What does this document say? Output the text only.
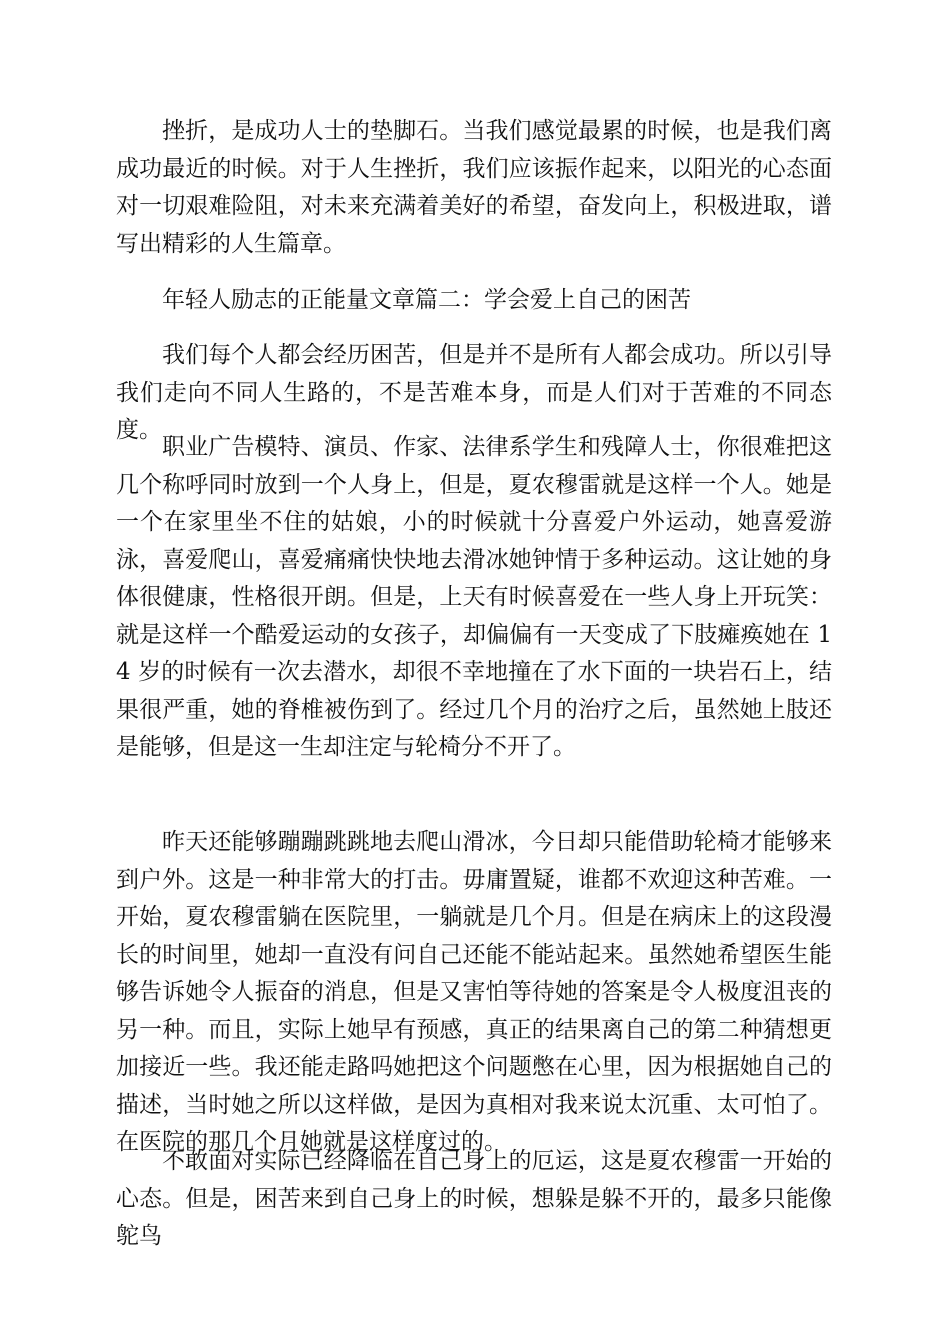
挫折，是成功人士的垫脚石。当我们感觉最累的时候，也是我们离成功最近的时候。对于人生挫折，我们应该振作起来，以阳光的心态面对一切艰难险阻，对未来充满着美好的希望，奋发向上，积极进取，谱写出精彩的人生篇章。

年轻人励志的正能量文章篇二：学会爱上自己的困苦

我们每个人都会经历困苦，但是并不是所有人都会成功。所以引导我们走向不同人生路的，不是苦难本身，而是人们对于苦难的不同态度。

职业广告模特、演员、作家、法律系学生和残障人士，你很难把这几个称呼同时放到一个人身上，但是，夏农穆雷就是这样一个人。她是一个在家里坐不住的姑娘，小的时候就十分喜爱户外运动，她喜爱游泳，喜爱爬山，喜爱痛痛快快地去滑冰她钟情于多种运动。这让她的身体很健康，性格很开朗。但是，上天有时候喜爱在一些人身上开玩笑：就是这样一个酷爱运动的女孩子，却偏偏有一天变成了下肢瘫痪她在 14 岁的时候有一次去潜水，却很不幸地撞在了水下面的一块岩石上，结果很严重，她的脊椎被伤到了。经过几个月的治疗之后，虽然她上肢还是能够，但是这一生却注定与轮椅分不开了。

昨天还能够蹦蹦跳跳地去爬山滑冰，今日却只能借助轮椅才能够来到户外。这是一种非常大的打击。毋庸置疑，谁都不欢迎这种苦难。一开始，夏农穆雷躺在医院里，一躺就是几个月。但是在病床上的这段漫长的时间里，她却一直没有问自己还能不能站起来。虽然她希望医生能够告诉她令人振奋的消息，但是又害怕等待她的答案是令人极度沮丧的另一种。而且，实际上她早有预感，真正的结果离自己的第二种猜想更加接近一些。我还能走路吗她把这个问题憋在心里，因为根据她自己的描述，当时她之所以这样做，是因为真相对我来说太沉重、太可怕了。在医院的那几个月她就是这样度过的。

不敢面对实际已经降临在自己身上的厄运，这是夏农穆雷一开始的心态。但是，困苦来到自己身上的时候，想躲是躲不开的，最多只能像鸵鸟
